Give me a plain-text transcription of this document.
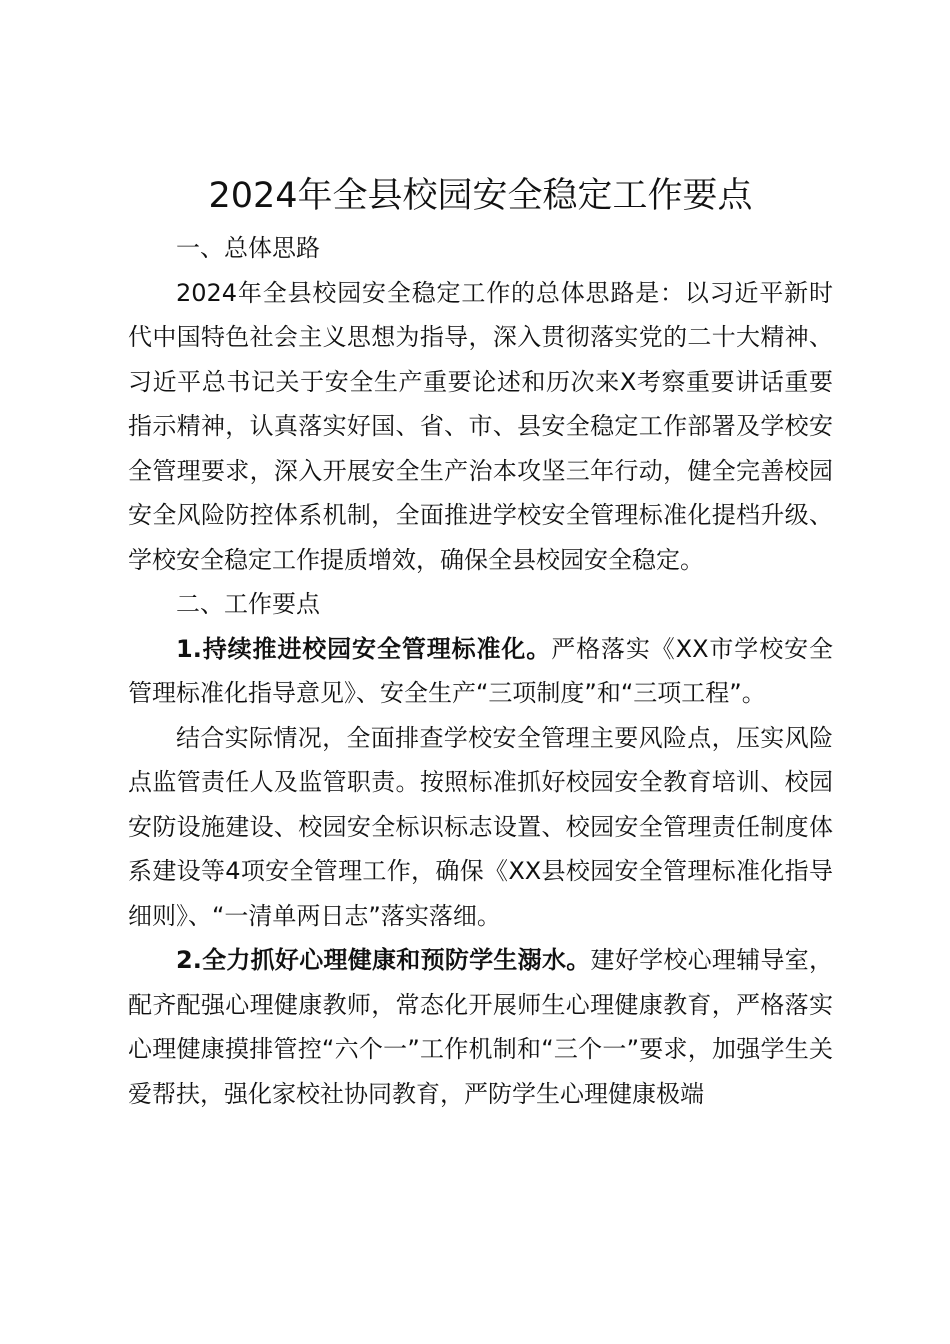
2024年全县校园安全稳定工作要点

一、总体思路

2024年全县校园安全稳定工作的总体思路是：以习近平新时代中国特色社会主义思想为指导，深入贯彻落实党的二十大精神、习近平总书记关于安全生产重要论述和历次来X考察重要讲话重要指示精神，认真落实好国、省、市、县安全稳定工作部署及学校安全管理要求，深入开展安全生产治本攻坚三年行动，健全完善校园安全风险防控体系机制，全面推进学校安全管理标准化提档升级、学校安全稳定工作提质增效，确保全县校园安全稳定。

二、工作要点

1.持续推进校园安全管理标准化。严格落实《XX市学校安全管理标准化指导意见》、安全生产“三项制度”和“三项工程”。

结合实际情况，全面排查学校安全管理主要风险点，压实风险点监管责任人及监管职责。按照标准抓好校园安全教育培训、校园安防设施建设、校园安全标识标志设置、校园安全管理责任制度体系建设等4项安全管理工作，确保《XX县校园安全管理标准化指导细则》、“一清单两日志”落实落细。

2.全力抓好心理健康和预防学生溺水。建好学校心理辅导室，配齐配强心理健康教师，常态化开展师生心理健康教育，严格落实心理健康摸排管控“六个一”工作机制和“三个一”要求，加强学生关爱帮扶，强化家校社协同教育，严防学生心理健康极端
